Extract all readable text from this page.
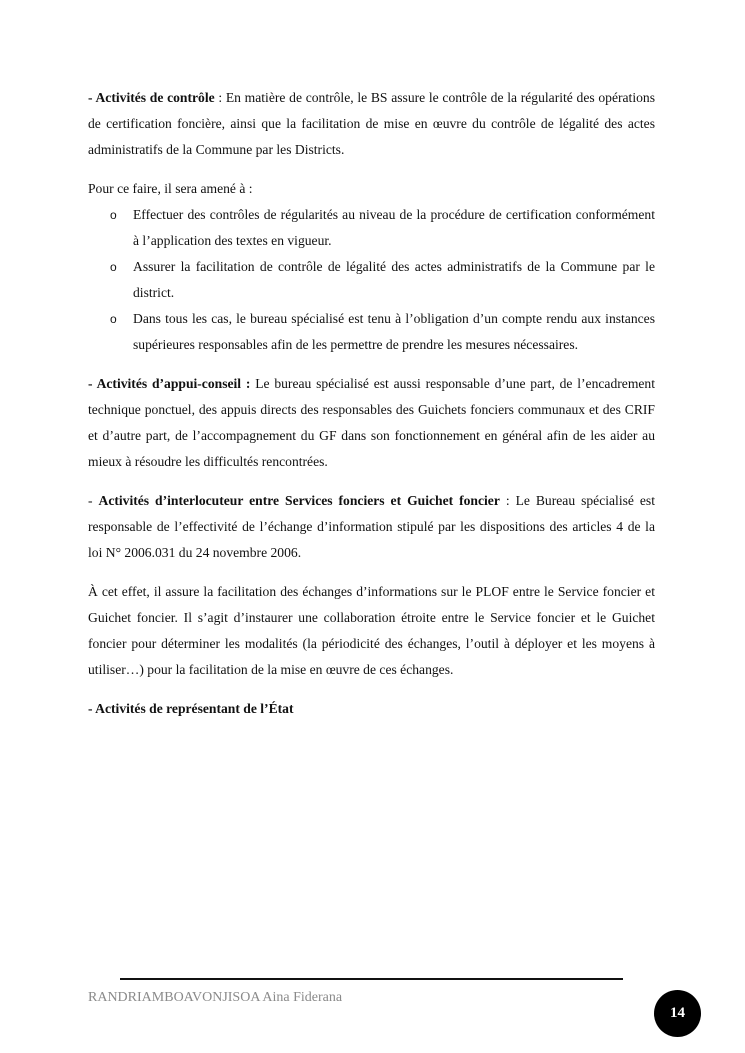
- Activités de contrôle : En matière de contrôle, le BS assure le contrôle de la régularité des opérations de certification foncière, ainsi que la facilitation de mise en œuvre du contrôle de légalité des actes administratifs de la Commune par les Districts.

Pour ce faire, il sera amené à :

o Effectuer des contrôles de régularités au niveau de la procédure de certification conformément à l’application des textes en vigueur.
o Assurer la facilitation de contrôle de légalité des actes administratifs de la Commune par le district.
o Dans tous les cas, le bureau spécialisé est tenu à l’obligation d’un compte rendu aux instances supérieures responsables afin de les permettre de prendre les mesures nécessaires.

- Activités d’appui-conseil : Le bureau spécialisé est aussi responsable d’une part, de l’encadrement technique ponctuel, des appuis directs des responsables des Guichets fonciers communaux et des CRIF et d’autre part, de l’accompagnement du GF dans son fonctionnement en général afin de les aider au mieux à résoudre les difficultés rencontrées.

- Activités d’interlocuteur entre Services fonciers et Guichet foncier : Le Bureau spécialisé est responsable de l’effectivité de l’échange d’information stipulé par les dispositions des articles 4 de la loi N° 2006.031 du 24 novembre 2006.

À cet effet, il assure la facilitation des échanges d’informations sur le PLOF entre le Service foncier et Guichet foncier. Il s’agit d’instaurer une collaboration étroite entre le Service foncier et le Guichet foncier pour déterminer les modalités (la périodicité des échanges, l’outil à déployer et les moyens à utiliser…) pour la facilitation de la mise en œuvre de ces échanges.

- Activités de représentant de l’État

RANDRIAMBOAVONJISOA Aina Fiderana
14
